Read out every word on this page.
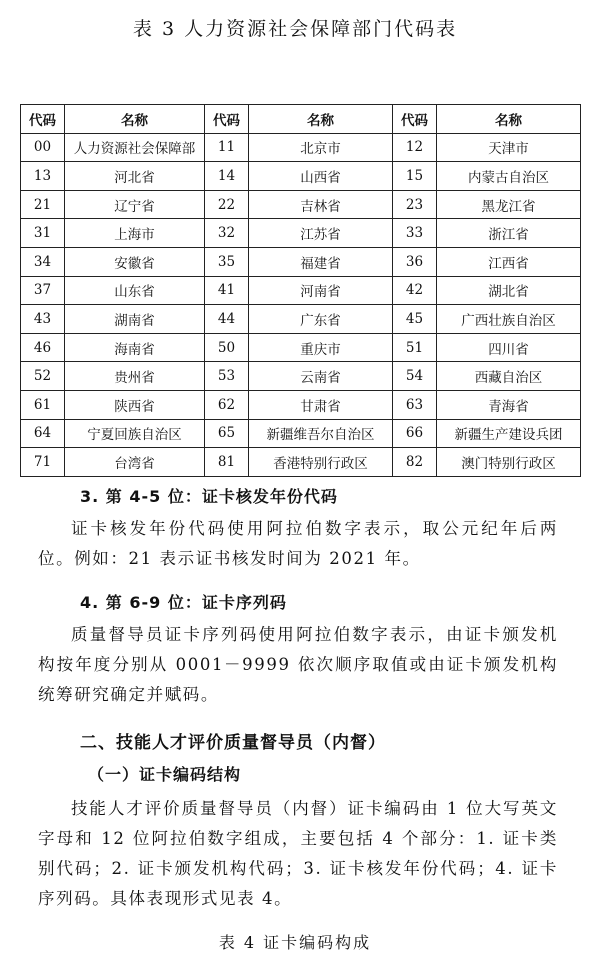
表 3 人力资源社会保障部门代码表
代码	名称	代码	名称	代码	名称
00	人力资源社会保障部	11	北京市	12	天津市
13	河北省	14	山西省	15	内蒙古自治区
21	辽宁省	22	吉林省	23	黑龙江省
31	上海市	32	江苏省	33	浙江省
34	安徽省	35	福建省	36	江西省
37	山东省	41	河南省	42	湖北省
43	湖南省	44	广东省	45	广西壮族自治区
46	海南省	50	重庆市	51	四川省
52	贵州省	53	云南省	54	西藏自治区
61	陕西省	62	甘肃省	63	青海省
64	宁夏回族自治区	65	新疆维吾尔自治区	66	新疆生产建设兵团
71	台湾省	81	香港特别行政区	82	澳门特别行政区
3. 第 4-5 位：证卡核发年份代码
证卡核发年份代码使用阿拉伯数字表示，取公元纪年后两位。例如：21 表示证书核发时间为 2021 年。
4. 第 6-9 位：证卡序列码
质量督导员证卡序列码使用阿拉伯数字表示，由证卡颁发机构按年度分别从 0001－9999 依次顺序取值或由证卡颁发机构统筹研究确定并赋码。
二、技能人才评价质量督导员（内督）
（一）证卡编码结构
技能人才评价质量督导员（内督）证卡编码由 1 位大写英文字母和 12 位阿拉伯数字组成，主要包括 4 个部分：1. 证卡类别代码；2. 证卡颁发机构代码；3. 证卡核发年份代码；4. 证卡序列码。具体表现形式见表 4。
表 4 证卡编码构成
